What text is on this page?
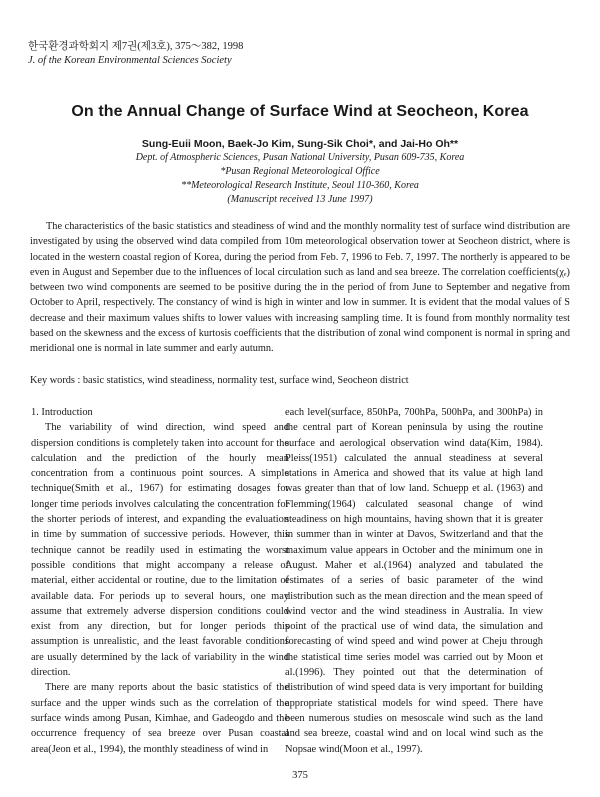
한국환경과학회지 제7권(제3호), 375～382, 1998
J. of the Korean Environmental Sciences Society
On the Annual Change of Surface Wind at Seocheon, Korea
Sung-Euii Moon, Baek-Jo Kim, Sung-Sik Choi*, and Jai-Ho Oh**
Dept. of Atmospheric Sciences, Pusan National University, Pusan 609-735, Korea
*Pusan Regional Meteorological Office
**Meteorological Research Institute, Seoul 110-360, Korea
(Manuscript received 13 June 1997)

The characteristics of the basic statistics and steadiness of wind and the monthly normality test of surface wind distribution are investigated by using the observed wind data compiled from 10m meteorological observation tower at Seocheon district, where is located in the western coastal region of Korea, during the period from Feb. 7, 1996 to Feb. 7, 1997. The northerly is appeared to be even in August and Sepember due to the influences of local circulation such as land and sea breeze. The correlation coefficients(χₑ) between two wind components are seemed to be positive during the in the period of from June to September and negative from October to April, respectively. The constancy of wind is high in winter and low in summer. It is evident that the modal values of S decrease and their maximum values shifts to lower values with increasing sampling time. It is found from monthly normality test based on the skewness and the excess of kurtosis coefficients that the distribution of zonal wind component is normal in spring and meridional one is normal in late summer and early autumn.

Key words : basic statistics, wind steadiness, normality test, surface wind, Seocheon district

1. Introduction

The variability of wind direction, wind speed and dispersion conditions is completely taken into account for the calculation and the prediction of the hourly mean concentration from a continuous point sources. A simple technique(Smith et al., 1967) for estimating dosages for longer time periods involves calculating the concentration for the shorter periods of interest, and expanding the evaluation in time by summation of successive periods. However, this technique cannot be readily used in estimating the worst possible conditions that might accompany a release of material, either accidental or routine, due to the limitation of available data. For periods up to several hours, one may assume that extremely adverse dispersion conditions could exist from any direction, but for longer periods this assumption is unrealistic, and the least favorable conditions are usually determined by the lack of variability in the wind direction.

There are many reports about the basic statistics of the surface and the upper winds such as the correlation of the surface winds among Pusan, Kimhae, and Gadeogdo and the occurrence frequency of sea breeze over Pusan coastal area(Jeon et al., 1994), the monthly steadiness of wind in

each level(surface, 850hPa, 700hPa, 500hPa, and 300hPa) in the central part of Korean peninsula by using the routine surface and aerological observation wind data(Kim, 1984). Pleiss(1951) calculated the annual steadiness at several stations in America and showed that its value at high land was greater than that of low land. Schuepp et al. (1963) and Flemming(1964) calculated seasonal change of wind steadiness on high mountains, having shown that it is greater in summer than in winter at Davos, Switzerland and that the maximum value appears in October and the minimum one in August. Maher et al.(1964) analyzed and tabulated the estimates of a series of basic parameter of the wind distribution such as the mean direction and the mean speed of wind vector and the wind steadiness in Australia. In view point of the practical use of wind data, the simulation and forecasting of wind speed and wind power at Cheju through the statistical time series model was carried out by Moon et al.(1996). They pointed out that the determination of distribution of wind speed data is very important for building appropriate statistical models for wind speed. There have been numerous studies on mesoscale wind such as the land and sea breeze, coastal wind and on local wind such as the Nopsae wind(Moon et al., 1997).

375
